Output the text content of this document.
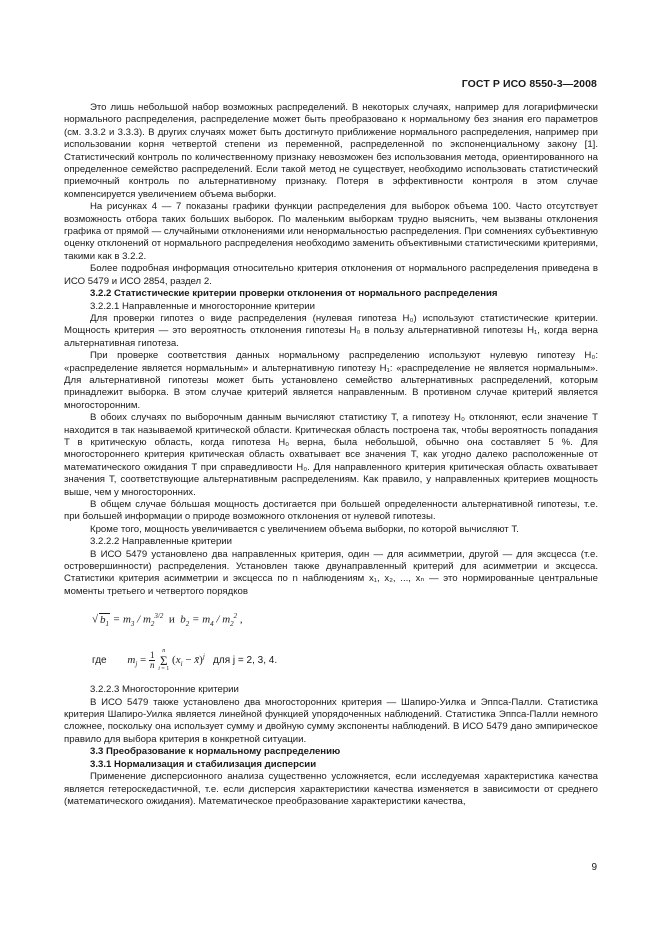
ГОСТ Р ИСО 8550-3—2008

Это лишь небольшой набор возможных распределений. В некоторых случаях, например для логарифмически нормального распределения, распределение может быть преобразовано к нормальному без знания его параметров (см. 3.3.2 и 3.3.3). В других случаях может быть достигнуто приближение нормального распределения, например при использовании корня четвертой степени из переменной, распределенной по экспоненциальному закону [1]. Статистический контроль по количественному признаку невозможен без использования метода, ориентированного на определенное семейство распределений. Если такой метод не существует, необходимо использовать статистический приемочный контроль по альтернативному признаку. Потеря в эффективности контроля в этом случае компенсируется увеличением объема выборки.

На рисунках 4 — 7 показаны графики функции распределения для выборок объема 100. Часто отсутствует возможность отбора таких больших выборок. По маленьким выборкам трудно выяснить, чем вызваны отклонения графика от прямой — случайными отклонениями или ненормальностью распределения. При сомнениях субъективную оценку отклонений от нормального распределения необходимо заменить объективными статистическими критериями, такими как в 3.2.2.

Более подробная информация относительно критерия отклонения от нормального распределения приведена в ИСО 5479 и ИСО 2854, раздел 2.

3.2.2 Статистические критерии проверки отклонения от нормального распределения

3.2.2.1 Направленные и многосторонние критерии

Для проверки гипотез о виде распределения (нулевая гипотеза H₀) используют статистические критерии. Мощность критерия — это вероятность отклонения гипотезы H₀ в пользу альтернативной гипотезы H₁, когда верна альтернативная гипотеза.

При проверке соответствия данных нормальному распределению используют нулевую гипотезу H₀: «распределение является нормальным» и альтернативную гипотезу H₁: «распределение не является нормальным». Для альтернативной гипотезы может быть установлено семейство альтернативных распределений, которым принадлежит выборка. В этом случае критерий является направленным. В противном случае критерий является многосторонним.

В обоих случаях по выборочным данным вычисляют статистику T, а гипотезу H₀ отклоняют, если значение T находится в так называемой критической области. Критическая область построена так, чтобы вероятность попадания T в критическую область, когда гипотеза H₀ верна, была небольшой, обычно она составляет 5 %. Для многостороннего критерия критическая область охватывает все значения T, как угодно далеко расположенные от математического ожидания T при справедливости H₀. Для направленного критерия критическая область охватывает значения T, соответствующие альтернативным распределениям. Как правило, у направленных критериев мощность выше, чем у многосторонних.

В общем случае бóльшая мощность достигается при большей определенности альтернативной гипотезы, т.е. при большей информации о природе возможного отклонения от нулевой гипотезы.

Кроме того, мощность увеличивается с увеличением объема выборки, по которой вычисляют T.

3.2.2.2 Направленные критерии

В ИСО 5479 установлено два направленных критерия, один — для асимметрии, другой — для эксцесса (т.е. островершинности) распределения. Установлен также двунаправленный критерий для асимметрии и эксцесса. Статистики критерия асимметрии и эксцесса по n наблюдениям x₁, x₂, ..., xₙ — это нормированные центральные моменты третьего и четвертого порядков

√ $b_1 = m_3 / m_2^{3/2}$ и  $b_2 = m_4 / m_2^2$ ,
где $m_j = \frac{1}{n}$
	n
Σ
i = 1
($x_i$ − x̄)$^j$ для j = 2, 3, 4.

3.2.2.3 Многосторонние критерии

В ИСО 5479 также установлено два многосторонних критерия — Шапиро-Уилка и Эппса-Палли. Статистика критерия Шапиро-Уилка является линейной функцией упорядоченных наблюдений. Статистика Эппса-Палли немного сложнее, поскольку она использует сумму и двойную сумму экспоненты наблюдений. В ИСО 5479 дано эмпирическое правило для выбора критерия в конкретной ситуации.

3.3 Преобразование к нормальному распределению

3.3.1 Нормализация и стабилизация дисперсии

Применение дисперсионного анализа существенно усложняется, если исследуемая характеристика качества является гетероскедастичной, т.е. если дисперсия характеристики качества изменяется в зависимости от среднего (математического ожидания). Математическое преобразование характеристики качества,

9
